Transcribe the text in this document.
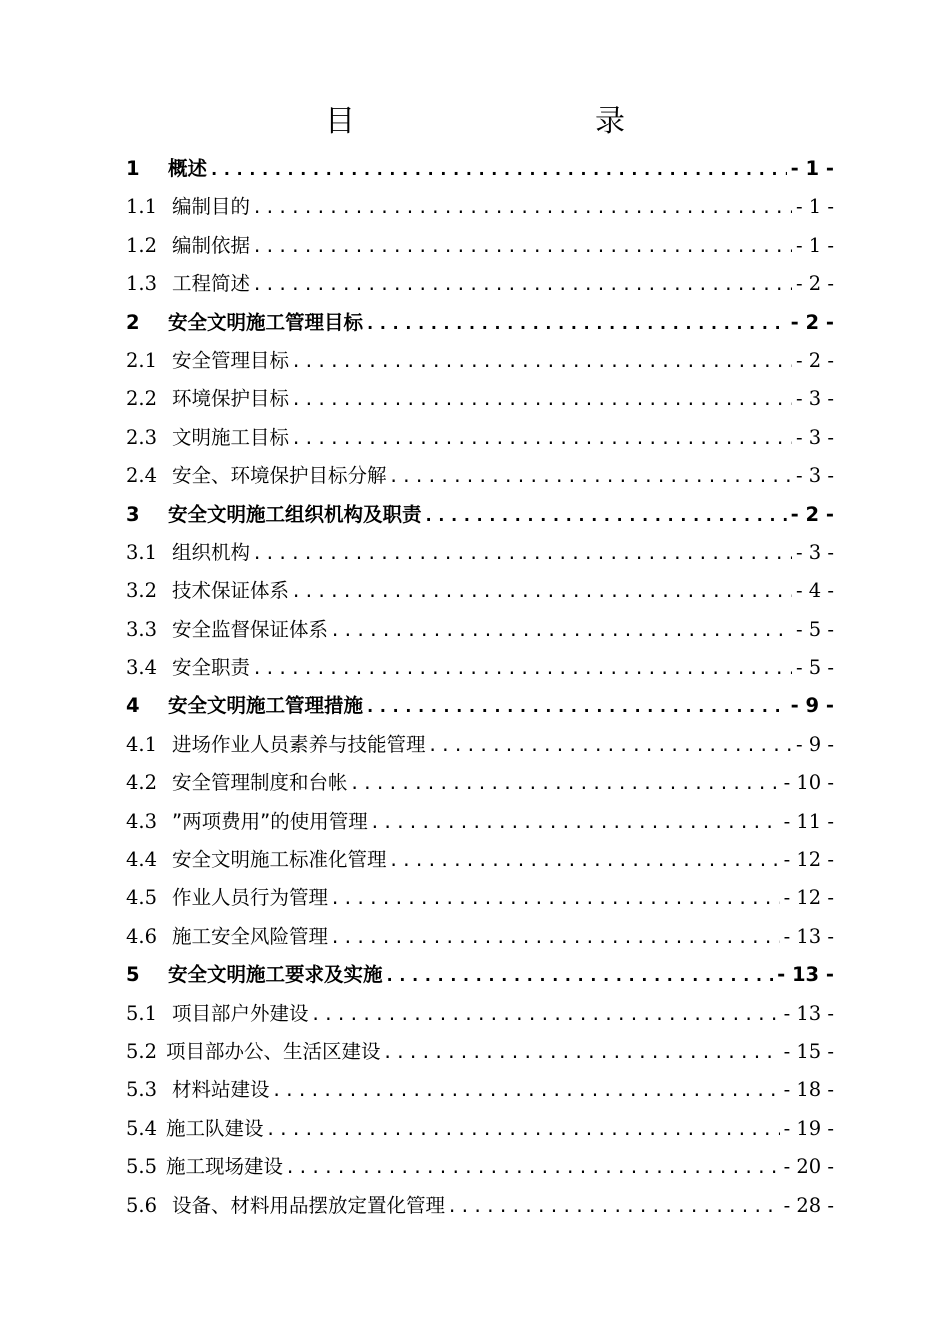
目　　录
1	概述 .....	- 1 -
1.1 编制目的 .....	- 1 -
1.2 编制依据 .....	- 1 -
1.3 工程简述 .....	- 2 -
2	安全文明施工管理目标 .....	- 2 -
2.1 安全管理目标 .....	- 2 -
2.2 环境保护目标 .....	- 3 -
2.3 文明施工目标 .....	- 3 -
2.4 安全、环境保护目标分解 .....	- 3 -
3	安全文明施工组织机构及职责 .....	- 2 -
3.1 组织机构 .....	- 3 -
3.2 技术保证体系 .....	- 4 -
3.3 安全监督保证体系 .....	- 5 -
3.4 安全职责 .....	- 5 -
4	安全文明施工管理措施 .....	- 9 -
4.1 进场作业人员素养与技能管理 .....	- 9 -
4.2 安全管理制度和台帐 .....	- 10 -
4.3 ”两项费用”的使用管理 .....	- 11 -
4.4 安全文明施工标准化管理 .....	- 12 -
4.5 作业人员行为管理 .....	- 12 -
4.6 施工安全风险管理 .....	- 13 -
5	安全文明施工要求及实施 .....	- 13 -
5.1 项目部户外建设 .....	- 13 -
5.2 项目部办公、生活区建设 .....	- 15 -
5.3 材料站建设 .....	- 18 -
5.4 施工队建设 .....	- 19 -
5.5 施工现场建设 .....	- 20 -
5.6 设备、材料用品摆放定置化管理 .....	- 28 -
